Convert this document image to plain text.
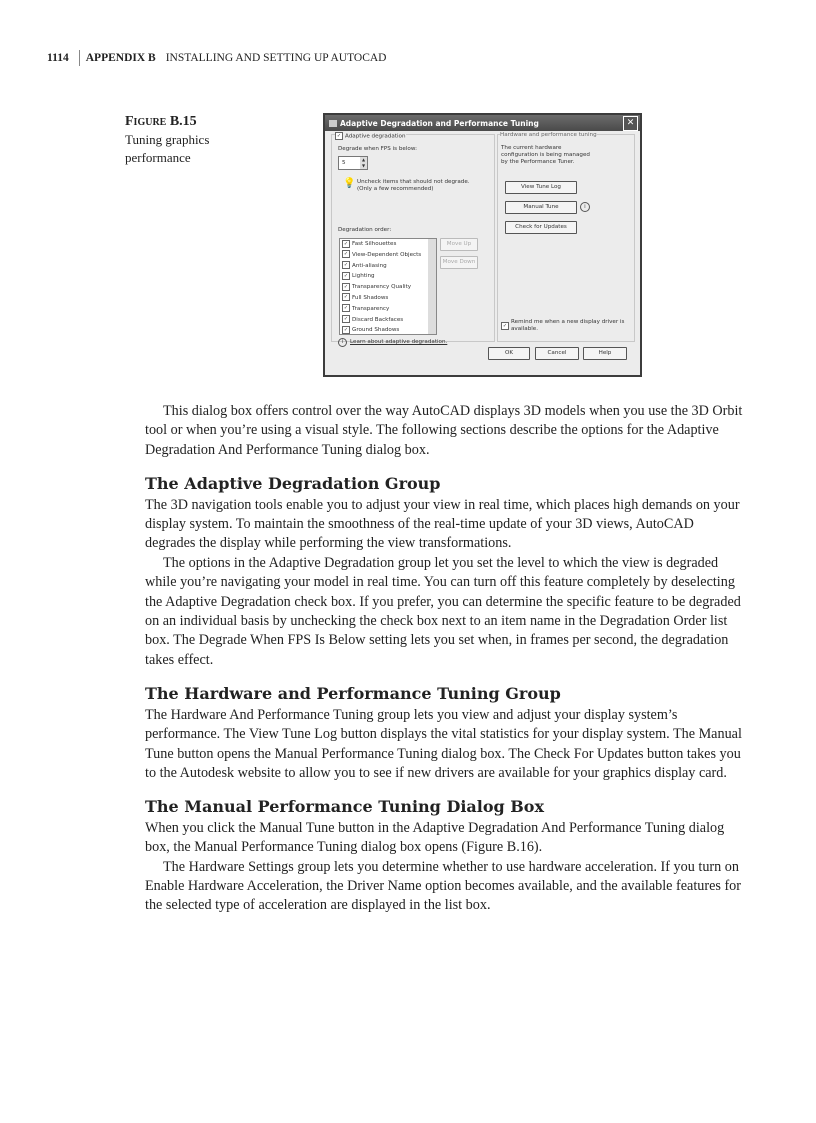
1114 APPENDIX B INSTALLING AND SETTING UP AUTOCAD
Figure B.15
Tuning graphics performance
Adaptive Degradation and Performance Tuning	✕
✓ Adaptive degradation
Degrade when FPS is below:
5
▲
▼
💡 Uncheck items that should not degrade.
(Only a few recommended)
Degradation order:
✓ Fast Silhouettes
✓ View-Dependent Objects
✓ Anti-aliasing
✓ Lighting
✓ Transparency Quality
✓ Full Shadows
✓ Transparency
✓ Discard Backfaces
✓ Ground Shadows
Move Up
Move Down
i Learn about adaptive degradation.
Hardware and performance tuning
The current hardware configuration is being managed by the Performance Tuner.
View Tune Log
Manual Tune	i
Check for Updates
✓
Remind me when a new display driver is available.
OK	Cancel	Help

This dialog box offers control over the way AutoCAD displays 3D models when you use the 3D Orbit tool or when you’re using a visual style. The following sections describe the options for the Adaptive Degradation And Performance Tuning dialog box.

The Adaptive Degradation Group

The 3D navigation tools enable you to adjust your view in real time, which places high demands on your display system. To maintain the smoothness of the real-time update of your 3D views, AutoCAD degrades the display while performing the view transformations.

The options in the Adaptive Degradation group let you set the level to which the view is degraded while you’re navigating your model in real time. You can turn off this feature completely by deselecting the Adaptive Degradation check box. If you prefer, you can determine the specific feature to be degraded on an individual basis by unchecking the check box next to an item name in the Degradation Order list box. The Degrade When FPS Is Below setting lets you set when, in frames per second, the degradation takes effect.

The Hardware and Performance Tuning Group

The Hardware And Performance Tuning group lets you view and adjust your display system’s performance. The View Tune Log button displays the vital statistics for your display system. The Manual Tune button opens the Manual Performance Tuning dialog box. The Check For Updates button takes you to the Autodesk website to allow you to see if new drivers are available for your graphics display card.

The Manual Performance Tuning Dialog Box

When you click the Manual Tune button in the Adaptive Degradation And Performance Tuning dialog box, the Manual Performance Tuning dialog box opens (Figure B.16).

The Hardware Settings group lets you determine whether to use hardware acceleration. If you turn on Enable Hardware Acceleration, the Driver Name option becomes available, and the available features for the selected type of acceleration are displayed in the list box.
